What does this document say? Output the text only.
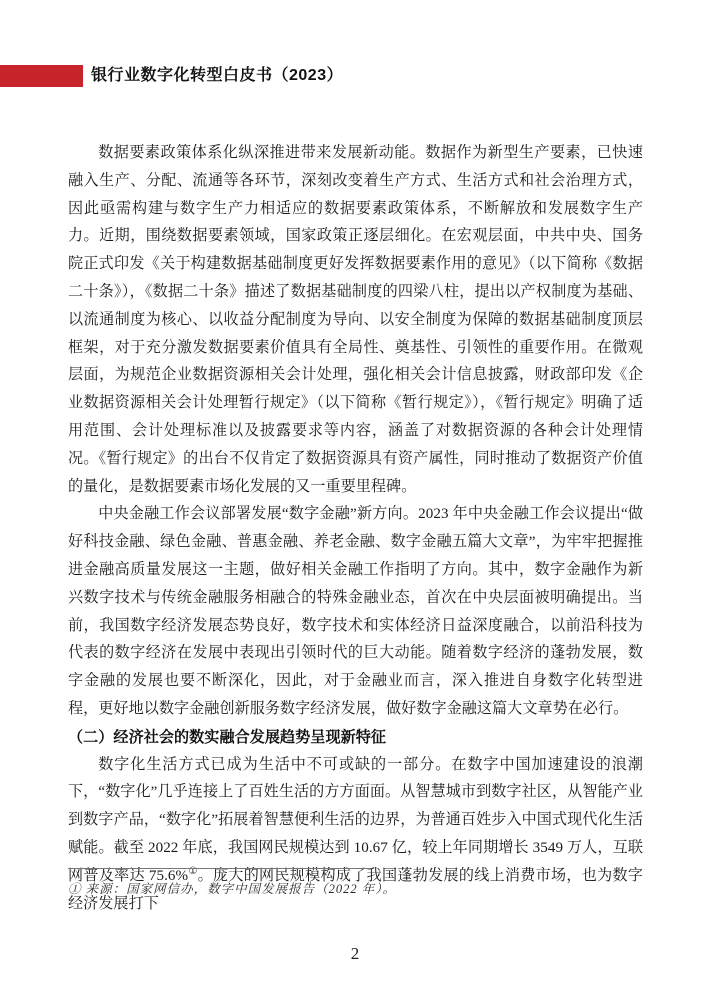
银行业数字化转型白皮书（2023）

数据要素政策体系化纵深推进带来发展新动能。数据作为新型生产要素，已快速融入生产、分配、流通等各环节，深刻改变着生产方式、生活方式和社会治理方式，因此亟需构建与数字生产力相适应的数据要素政策体系，不断解放和发展数字生产力。近期，围绕数据要素领域，国家政策正逐层细化。在宏观层面，中共中央、国务院正式印发《关于构建数据基础制度更好发挥数据要素作用的意见》（以下简称《数据二十条》），《数据二十条》描述了数据基础制度的四梁八柱，提出以产权制度为基础、以流通制度为核心、以收益分配制度为导向、以安全制度为保障的数据基础制度顶层框架，对于充分激发数据要素价值具有全局性、奠基性、引领性的重要作用。在微观层面，为规范企业数据资源相关会计处理，强化相关会计信息披露，财政部印发《企业数据资源相关会计处理暂行规定》（以下简称《暂行规定》），《暂行规定》明确了适用范围、会计处理标准以及披露要求等内容，涵盖了对数据资源的各种会计处理情况。《暂行规定》的出台不仅肯定了数据资源具有资产属性，同时推动了数据资产价值的量化，是数据要素市场化发展的又一重要里程碑。

中央金融工作会议部署发展“数字金融”新方向。2023 年中央金融工作会议提出“做好科技金融、绿色金融、普惠金融、养老金融、数字金融五篇大文章”，为牢牢把握推进金融高质量发展这一主题，做好相关金融工作指明了方向。其中，数字金融作为新兴数字技术与传统金融服务相融合的特殊金融业态，首次在中央层面被明确提出。当前，我国数字经济发展态势良好，数字技术和实体经济日益深度融合，以前沿科技为代表的数字经济在发展中表现出引领时代的巨大动能。随着数字经济的蓬勃发展，数字金融的发展也要不断深化，因此，对于金融业而言，深入推进自身数字化转型进程，更好地以数字金融创新服务数字经济发展，做好数字金融这篇大文章势在必行。

（二）经济社会的数实融合发展趋势呈现新特征

数字化生活方式已成为生活中不可或缺的一部分。在数字中国加速建设的浪潮下，“数字化”几乎连接上了百姓生活的方方面面。从智慧城市到数字社区，从智能产业到数字产品，“数字化”拓展着智慧便利生活的边界，为普通百姓步入中国式现代化生活赋能。截至 2022 年底，我国网民规模达到 10.67 亿，较上年同期增长 3549 万人，互联网普及率达 75.6%①。庞大的网民规模构成了我国蓬勃发展的线上消费市场，也为数字经济发展打下

① 来源：国家网信办，数字中国发展报告（2022 年）。
2
